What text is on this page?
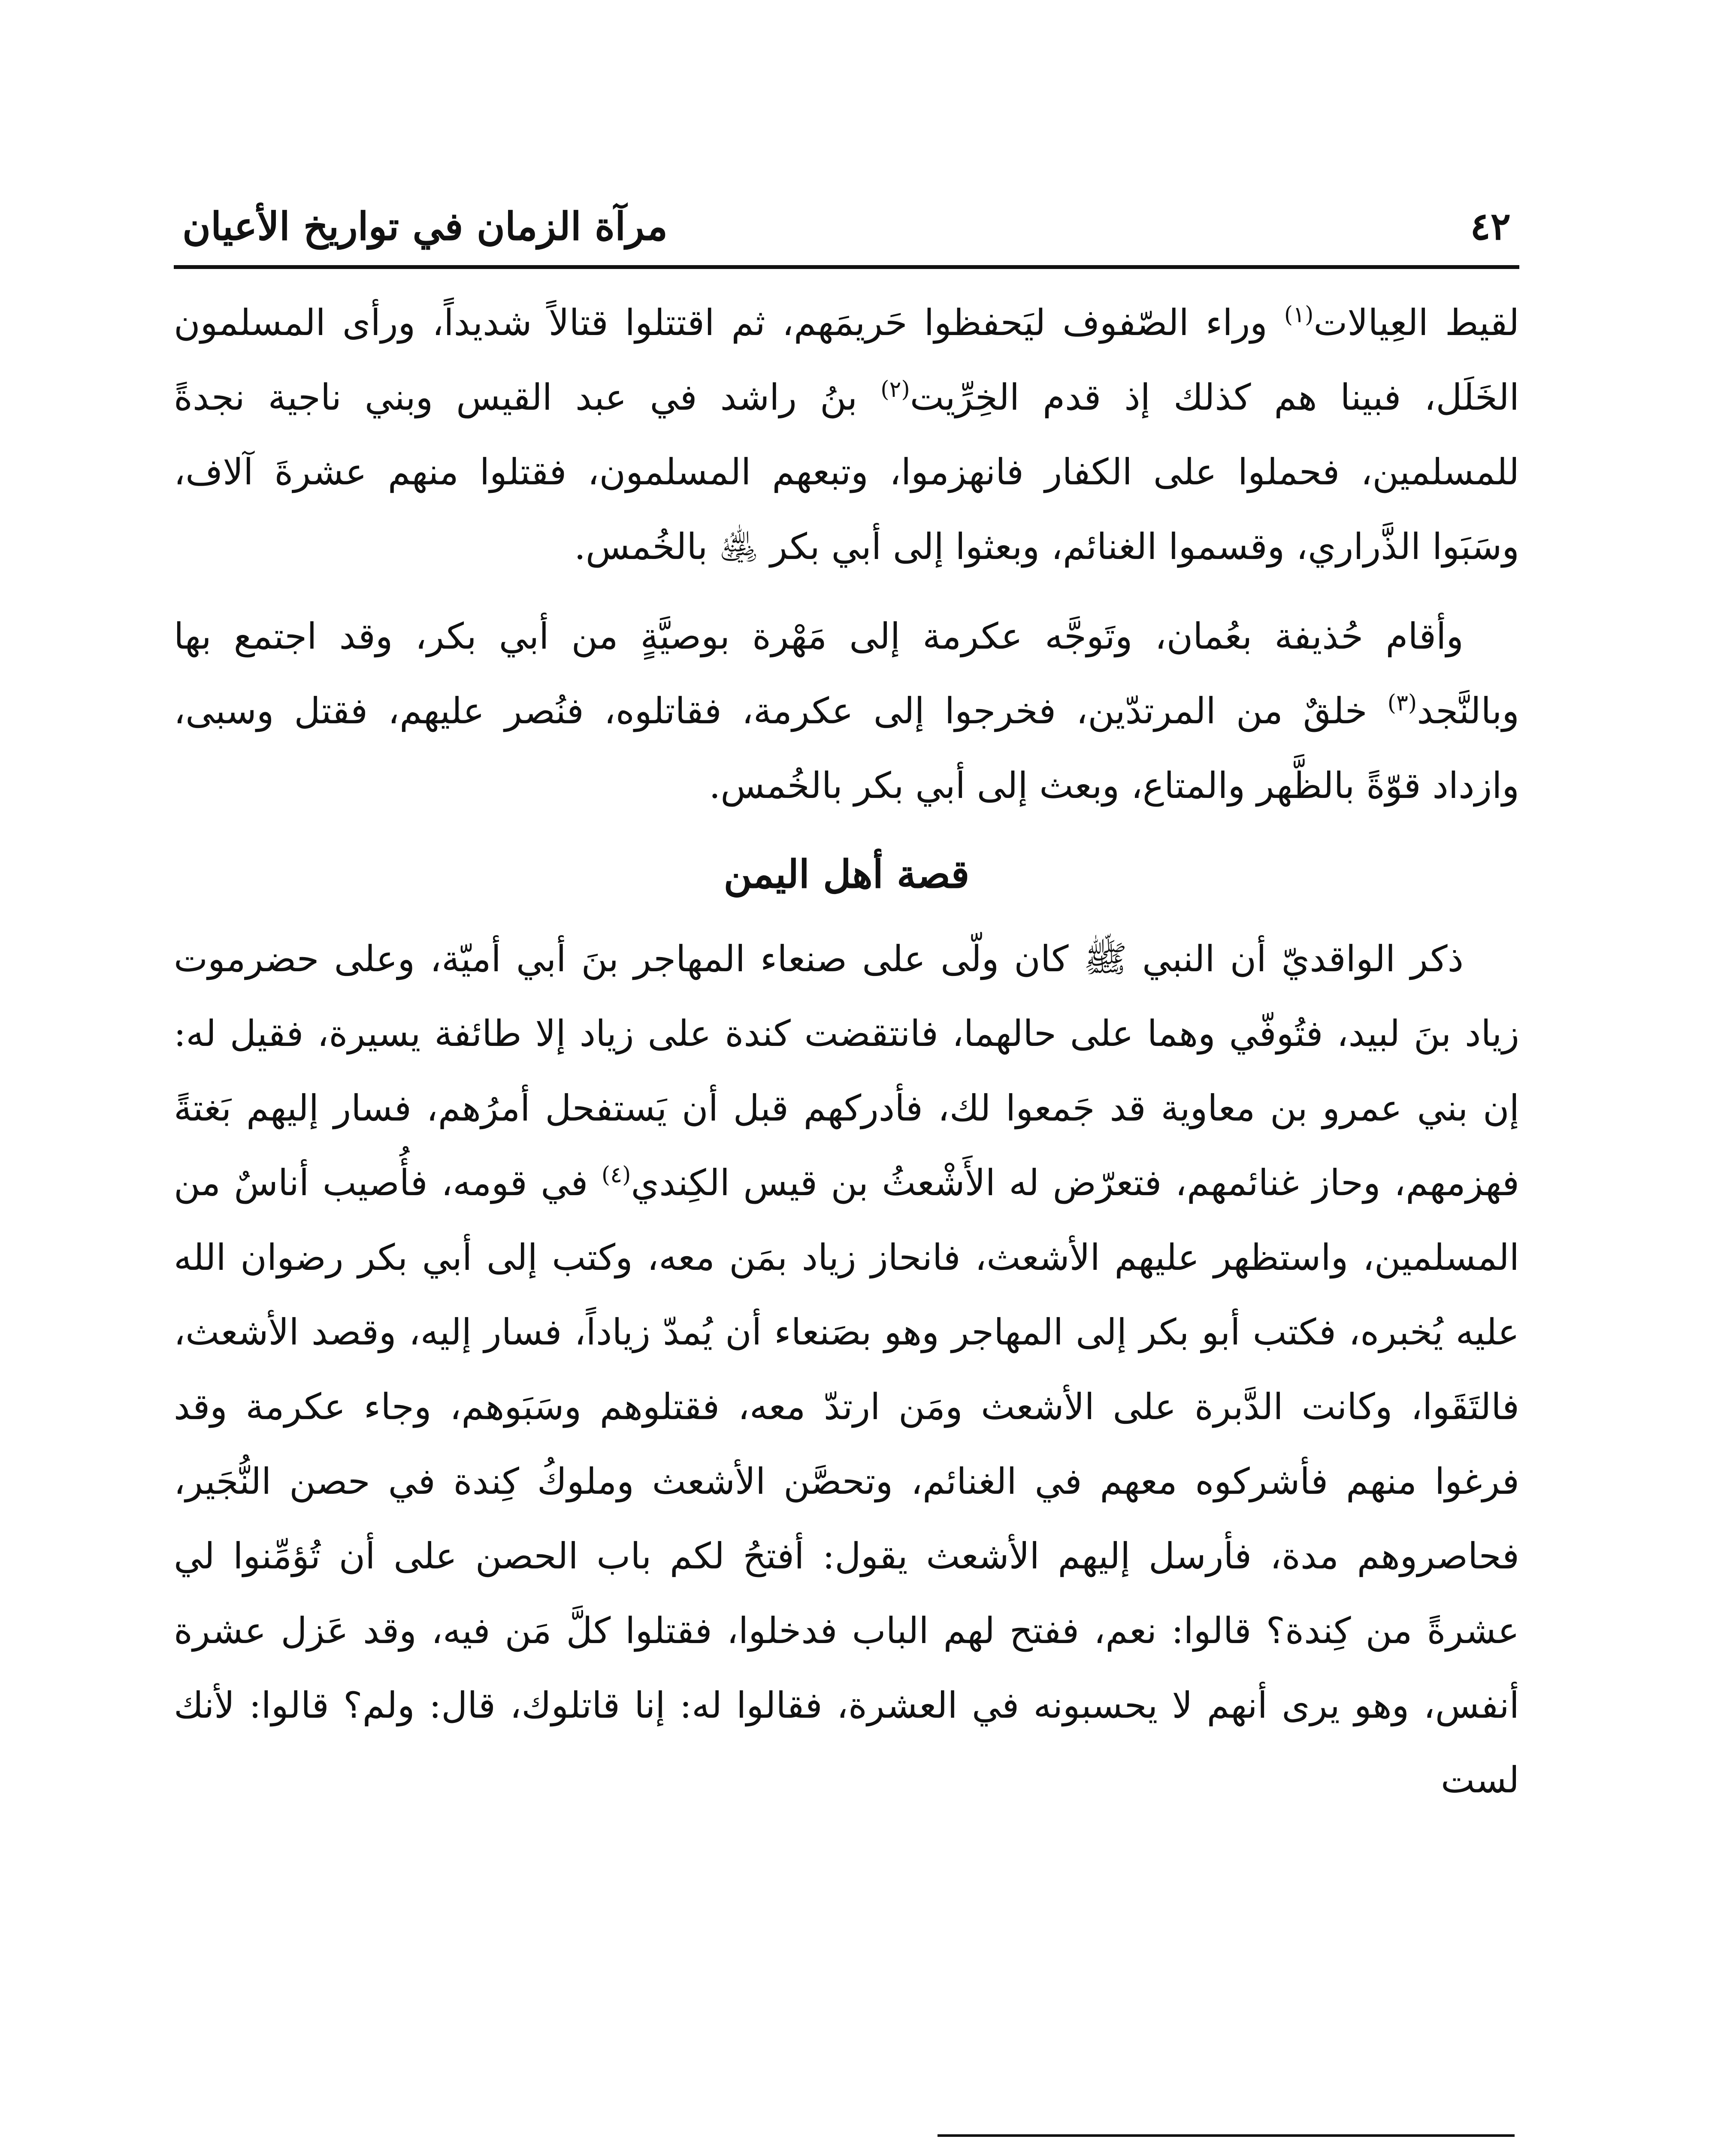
٤٢
مرآة الزمان في تواريخ الأعيان

لقيط العِيالات$^{(١)}$ وراء الصّفوف ليَحفظوا حَريمَهم، ثم اقتتلوا قتالاً شديداً، ورأى المسلمون الخَلَل، فبينا هم كذلك إذ قدم الخِرِّيت$^{(٢)}$ بنُ راشد في عبد القيس وبني ناجية نجدةً للمسلمين، فحملوا على الكفار فانهزموا، وتبعهم المسلمون، فقتلوا منهم عشرةَ آلاف، وسَبَوا الذَّراري، وقسموا الغنائم، وبعثوا إلى أبي بكر ﵁ بالخُمس.

وأقام حُذيفة بعُمان، وتَوجَّه عكرمة إلى مَهْرة بوصيَّةٍ من أبي بكر، وقد اجتمع بها وبالنَّجد$^{(٣)}$ خلقٌ من المرتدّين، فخرجوا إلى عكرمة، فقاتلوه، فنُصر عليهم، فقتل وسبى، وازداد قوّةً بالظَّهر والمتاع، وبعث إلى أبي بكر بالخُمس.

قصة أهل اليمن

ذكر الواقديّ أن النبي ﷺ كان ولّى على صنعاء المهاجر بنَ أبي أميّة، وعلى حضرموت زياد بنَ لبيد، فتُوفّي وهما على حالهما، فانتقضت كندة على زياد إلا طائفة يسيرة، فقيل له: إن بني عمرو بن معاوية قد جَمعوا لك، فأدركهم قبل أن يَستفحل أمرُهم، فسار إليهم بَغتةً فهزمهم، وحاز غنائمهم، فتعرّض له الأَشْعثُ بن قيس الكِندي$^{(٤)}$ في قومه، فأُصيب أناسٌ من المسلمين، واستظهر عليهم الأشعث، فانحاز زياد بمَن معه، وكتب إلى أبي بكر رضوان الله عليه يُخبره، فكتب أبو بكر إلى المهاجر وهو بصَنعاء أن يُمدّ زياداً، فسار إليه، وقصد الأشعث، فالتَقَوا، وكانت الدَّبرة على الأشعث ومَن ارتدّ معه، فقتلوهم وسَبَوهم، وجاء عكرمة وقد فرغوا منهم فأشركوه معهم في الغنائم، وتحصَّن الأشعث وملوكُ كِندة في حصن النُّجَير، فحاصروهم مدة، فأرسل إليهم الأشعث يقول: أفتحُ لكم باب الحصن على أن تُؤمِّنوا لي عشرةً من كِندة؟ قالوا: نعم، ففتح لهم الباب فدخلوا، فقتلوا كلَّ مَن فيه، وقد عَزل عشرة أنفس، وهو يرى أنهم لا يحسبونه في العشرة، فقالوا له: إنا قاتلوك، قال: ولم؟ قالوا: لأنك لست
